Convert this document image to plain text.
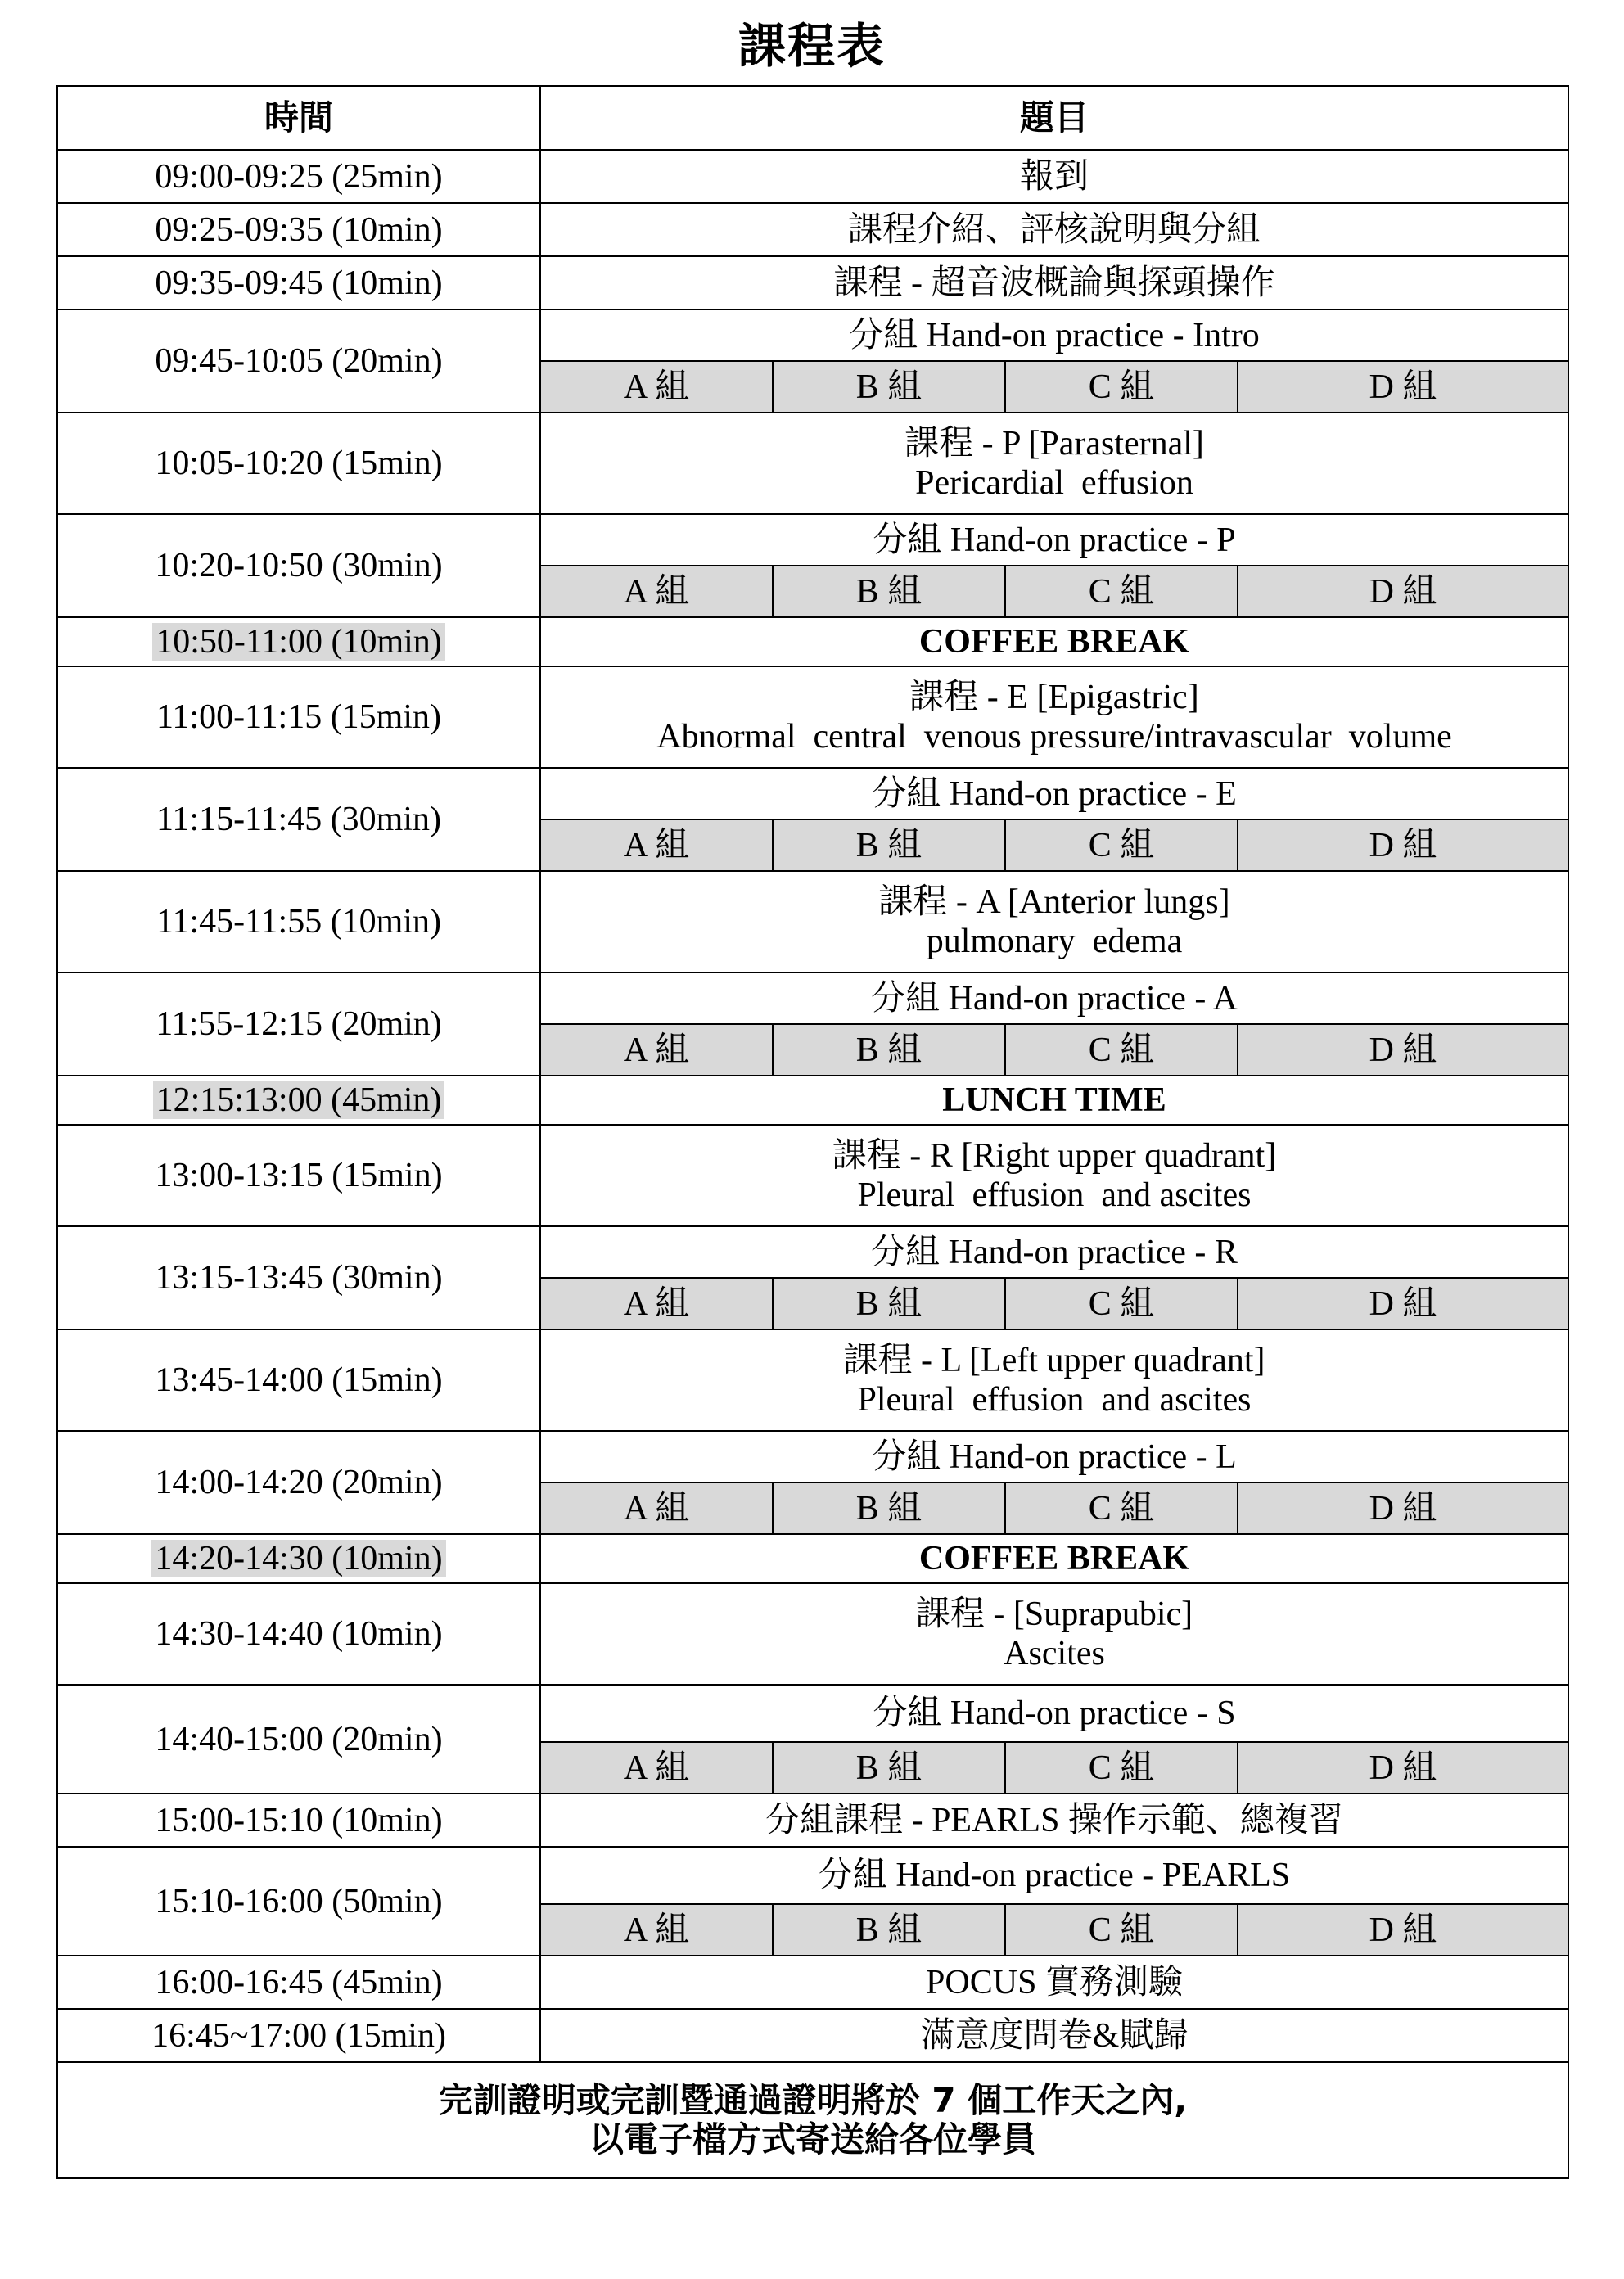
課程表
時間	題目			
09:00-09:25 (25min)	報到			
09:25-09:35 (10min)	課程介紹、評核說明與分組			
09:35-09:45 (10min)	課程 - 超音波概論與探頭操作			
09:45-10:05 (20min)	分組 Hand-on practice - Intro			
	A 組	B 組	C 組	D 組
10:05-10:20 (15min)	課程 - P [Parasternal]
Pericardial  effusion			

10:20-10:50 (30min)	分組 Hand-on practice - P			
	A 組	B 組	C 組	D 組
10:50-11:00 (10min)	COFFEE BREAK			
11:00-11:15 (15min)	課程 - E [Epigastric]
Abnormal  central  venous pressure/intravascular  volume			

11:15-11:45 (30min)	分組 Hand-on practice - E			
	A 組	B 組	C 組	D 組
11:45-11:55 (10min)	課程 - A [Anterior lungs]
pulmonary  edema			

11:55-12:15 (20min)	分組 Hand-on practice - A			
	A 組	B 組	C 組	D 組
12:15:13:00 (45min)	LUNCH TIME			
13:00-13:15 (15min)	課程 - R [Right upper quadrant]
Pleural  effusion  and ascites			

13:15-13:45 (30min)	分組 Hand-on practice - R			
	A 組	B 組	C 組	D 組
13:45-14:00 (15min)	課程 - L [Left upper quadrant]
Pleural  effusion  and ascites			

14:00-14:20 (20min)	分組 Hand-on practice - L			
	A 組	B 組	C 組	D 組
14:20-14:30 (10min)	COFFEE BREAK			
14:30-14:40 (10min)	課程 - [Suprapubic]
Ascites			

14:40-15:00 (20min)	分組 Hand-on practice - S			
	A 組	B 組	C 組	D 組
15:00-15:10 (10min)	分組課程 - PEARLS 操作示範、總複習			
15:10-16:00 (50min)	分組 Hand-on practice - PEARLS			
	A 組	B 組	C 組	D 組
16:00-16:45 (45min)	POCUS 實務測驗			
16:45~17:00 (15min)	滿意度問卷&賦歸			

完訓證明或完訓暨通過證明將於 7 個工作天之內,
以電子檔方式寄送給各位學員				
